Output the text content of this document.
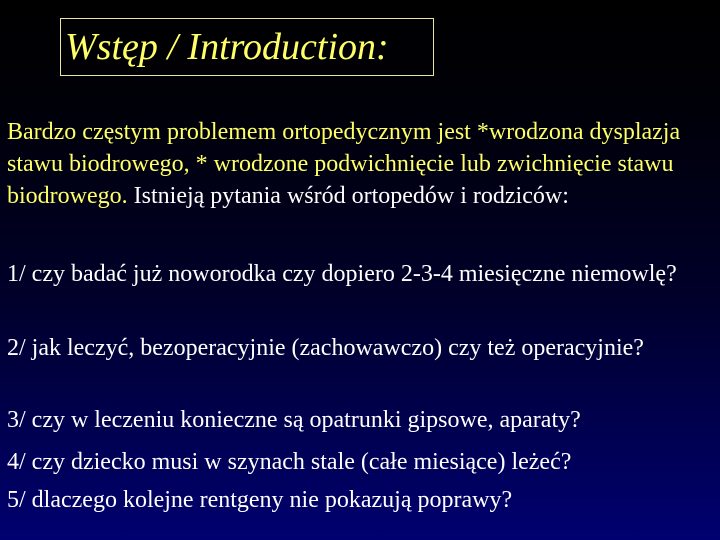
Wstęp / Introduction:
Bardzo częstym problemem ortopedycznym jest *wrodzona dysplazja stawu biodrowego, * wrodzone podwichnięcie lub zwichnięcie stawu biodrowego. Istnieją pytania wśród ortopedów i rodziców:
1/ czy badać już noworodka czy dopiero 2-3-4 miesięczne niemowlę?
2/ jak leczyć, bezoperacyjnie (zachowawczo) czy też operacyjnie?
3/ czy w leczeniu konieczne są opatrunki gipsowe, aparaty?
4/ czy dziecko musi w szynach stale (całe miesiące) leżeć?
5/ dlaczego kolejne rentgeny nie pokazują poprawy?
